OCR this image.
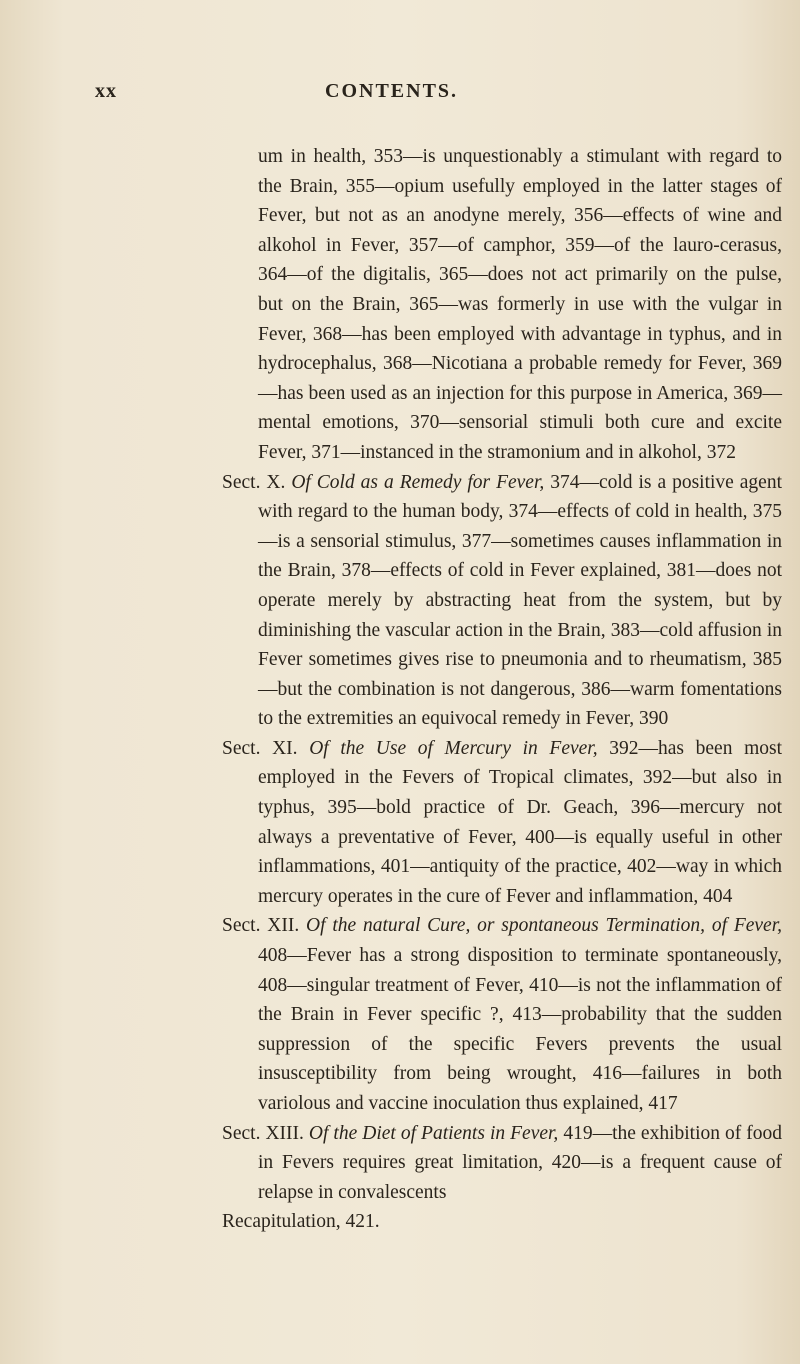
xx	CONTENTS.

um in health, 353—is unquestionably a stimulant with regard to the Brain, 355—opium usefully employed in the latter stages of Fever, but not as an anodyne merely, 356—effects of wine and alkohol in Fever, 357—of camphor, 359—of the lauro-cerasus, 364—of the digitalis, 365—does not act primarily on the pulse, but on the Brain, 365—was formerly in use with the vulgar in Fever, 368—has been employed with advantage in typhus, and in hydrocephalus, 368—Nicotiana a probable remedy for Fever, 369—has been used as an injection for this purpose in America, 369—mental emotions, 370—sensorial stimuli both cure and excite Fever, 371—instanced in the stramonium and in alkohol, 372

Sect. X. Of Cold as a Remedy for Fever, 374—cold is a positive agent with regard to the human body, 374—effects of cold in health, 375—is a sensorial stimulus, 377—sometimes causes inflammation in the Brain, 378—effects of cold in Fever explained, 381—does not operate merely by abstracting heat from the system, but by diminishing the vascular action in the Brain, 383—cold affusion in Fever sometimes gives rise to pneumonia and to rheumatism, 385—but the combination is not dangerous, 386—warm fomentations to the extremities an equivocal remedy in Fever, 390

Sect. XI. Of the Use of Mercury in Fever, 392—has been most employed in the Fevers of Tropical climates, 392—but also in typhus, 395—bold practice of Dr. Geach, 396—mercury not always a preventative of Fever, 400—is equally useful in other inflammations, 401—antiquity of the practice, 402—way in which mercury operates in the cure of Fever and inflammation, 404

Sect. XII. Of the natural Cure, or spontaneous Termination, of Fever, 408—Fever has a strong disposition to terminate spontaneously, 408—singular treatment of Fever, 410—is not the inflammation of the Brain in Fever specific ?, 413—probability that the sudden suppression of the specific Fevers prevents the usual insusceptibility from being wrought, 416—failures in both variolous and vaccine inoculation thus explained, 417

Sect. XIII. Of the Diet of Patients in Fever, 419—the exhibition of food in Fevers requires great limitation, 420—is a frequent cause of relapse in convalescents

Recapitulation, 421.
